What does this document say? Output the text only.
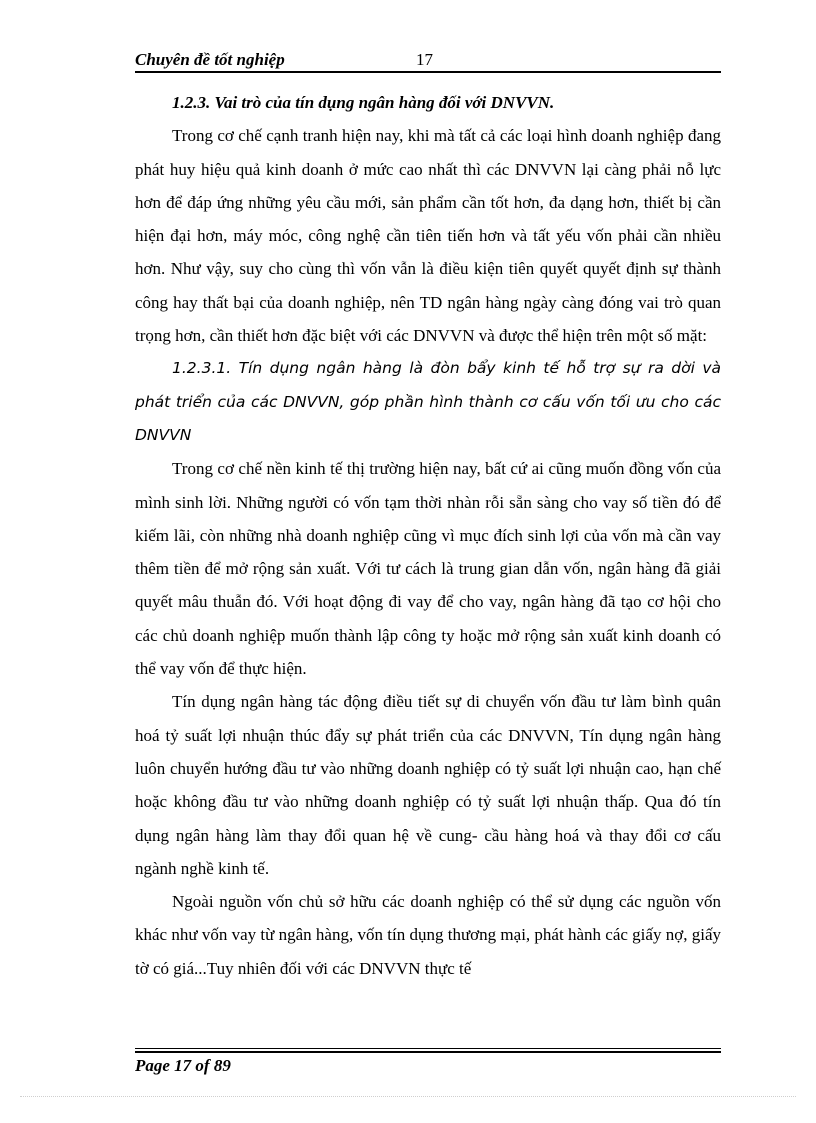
Chuyên đề tốt nghiệp	17

1.2.3. Vai trò của tín dụng ngân hàng đối với DNVVN.

Trong cơ chế cạnh tranh hiện nay, khi mà tất cả các loại hình doanh nghiệp đang phát huy hiệu quả kinh doanh ở mức cao nhất thì các DNVVN lại càng phải nỗ lực hơn để đáp ứng những yêu cầu mới, sản phẩm cần tốt hơn, đa dạng hơn, thiết bị cần hiện đại hơn, máy móc, công nghệ cần tiên tiến hơn và tất yếu vốn phải cần nhiều hơn. Như vậy, suy cho cùng thì vốn vẫn là điều kiện tiên quyết quyết định sự thành công hay thất bại của doanh nghiệp, nên TD ngân hàng ngày càng đóng vai trò quan trọng hơn, cần thiết hơn đặc biệt với các DNVVN và được thể hiện trên một số mặt:

1.2.3.1. Tín dụng ngân hàng là đòn bẩy kinh tế hỗ trợ sự ra dời và phát triển của các DNVVN, góp phần hình thành cơ cấu vốn tối ưu cho các DNVVN

Trong cơ chế nền kinh tế thị trường hiện nay, bất cứ ai cũng muốn đồng vốn của mình sinh lời. Những người có vốn tạm thời nhàn rỗi sẵn sàng cho vay số tiền đó để kiếm lãi, còn những nhà doanh nghiệp cũng vì mục đích sinh lợi của vốn mà cần vay thêm tiền để mở rộng sản xuất. Với tư cách là trung gian dẫn vốn, ngân hàng đã giải quyết mâu thuẫn đó. Với hoạt động đi vay để cho vay, ngân hàng đã tạo cơ hội cho các chủ doanh nghiệp muốn thành lập công ty hoặc mở rộng sản xuất kinh doanh có thể vay vốn để thực hiện.

Tín dụng ngân hàng tác động điều tiết sự di chuyển vốn đầu tư làm bình quân hoá tỷ suất lợi nhuận thúc đẩy sự phát triển của các DNVVN, Tín dụng ngân hàng luôn chuyển hướng đầu tư vào những doanh nghiệp có tỷ suất lợi nhuận cao, hạn chế hoặc không đầu tư vào những doanh nghiệp có tỷ suất lợi nhuận thấp. Qua đó tín dụng ngân hàng làm thay đổi quan hệ về cung- cầu hàng hoá và thay đổi cơ cấu ngành nghề kinh tế.

Ngoài nguồn vốn chủ sở hữu các doanh nghiệp có thể sử dụng các nguồn vốn khác như vốn vay từ ngân hàng, vốn tín dụng thương mại, phát hành các giấy nợ, giấy tờ có giá...Tuy nhiên đối với các DNVVN thực tế

Page 17 of 89
